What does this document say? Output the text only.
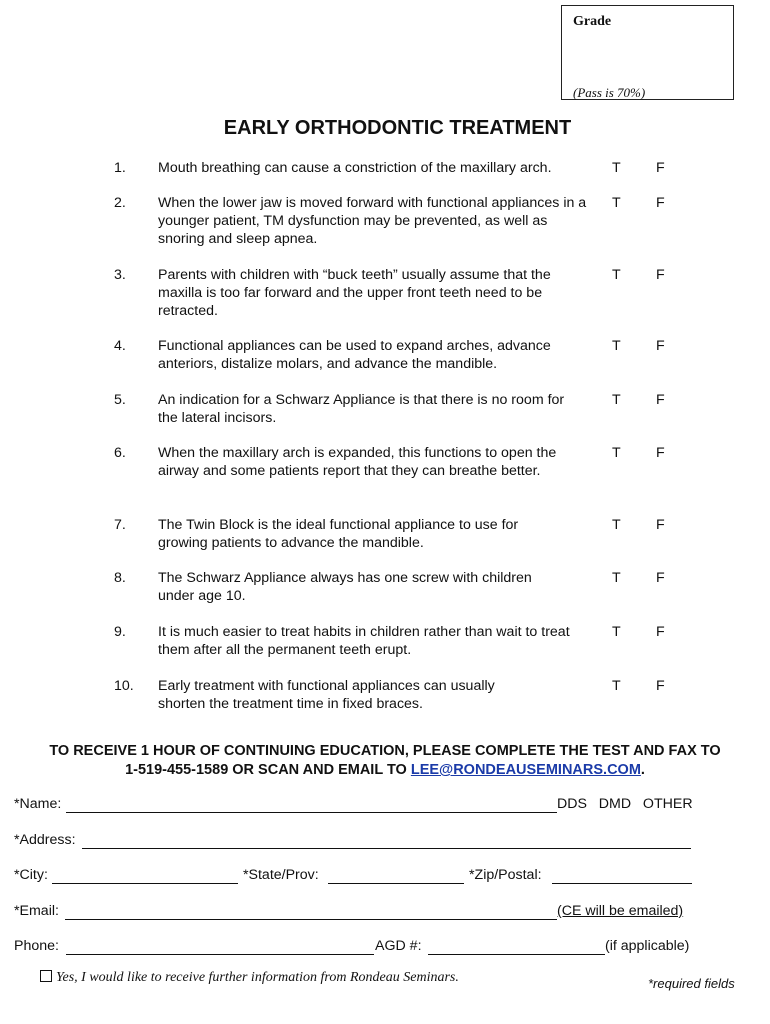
Grade
(Pass is 70%)
EARLY ORTHODONTIC TREATMENT
1. Mouth breathing can cause a constriction of the maxillary arch.	T F
2. When the lower jaw is moved forward with functional appliances in a younger patient, TM dysfunction may be prevented, as well as snoring and sleep apnea.
T F
3. Parents with children with “buck teeth” usually assume that the maxilla is too far forward and the upper front teeth need to be retracted.
T F
4. Functional appliances can be used to expand arches, advance anteriors, distalize molars, and advance the mandible.
T F
5. An indication for a Schwarz Appliance is that there is no room for the lateral incisors.
T F
6. When the maxillary arch is expanded, this functions to open the airway and some patients report that they can breathe better.
T F
7. The Twin Block is the ideal functional appliance to use for growing patients to advance the mandible.
T F
8. The Schwarz Appliance always has one screw with children under age 10.
T F
9. It is much easier to treat habits in children rather than wait to treat them after all the permanent teeth erupt.
T F
10. Early treatment with functional appliances can usually shorten the treatment time in fixed braces.
T F
TO RECEIVE 1 HOUR OF CONTINUING EDUCATION, PLEASE COMPLETE THE TEST AND FAX TO
1-519-455-1589 OR SCAN AND EMAIL TO LEE@RONDEAUSEMINARS.COM.
*Name:	DDS   DMD   OTHER
*Address:
*City:	*State/Prov:	*Zip/Postal:
*Email:	(CE will be emailed)
Phone:	AGD #:	(if applicable)
Yes, I would like to receive further information from Rondeau Seminars.	*required fields
